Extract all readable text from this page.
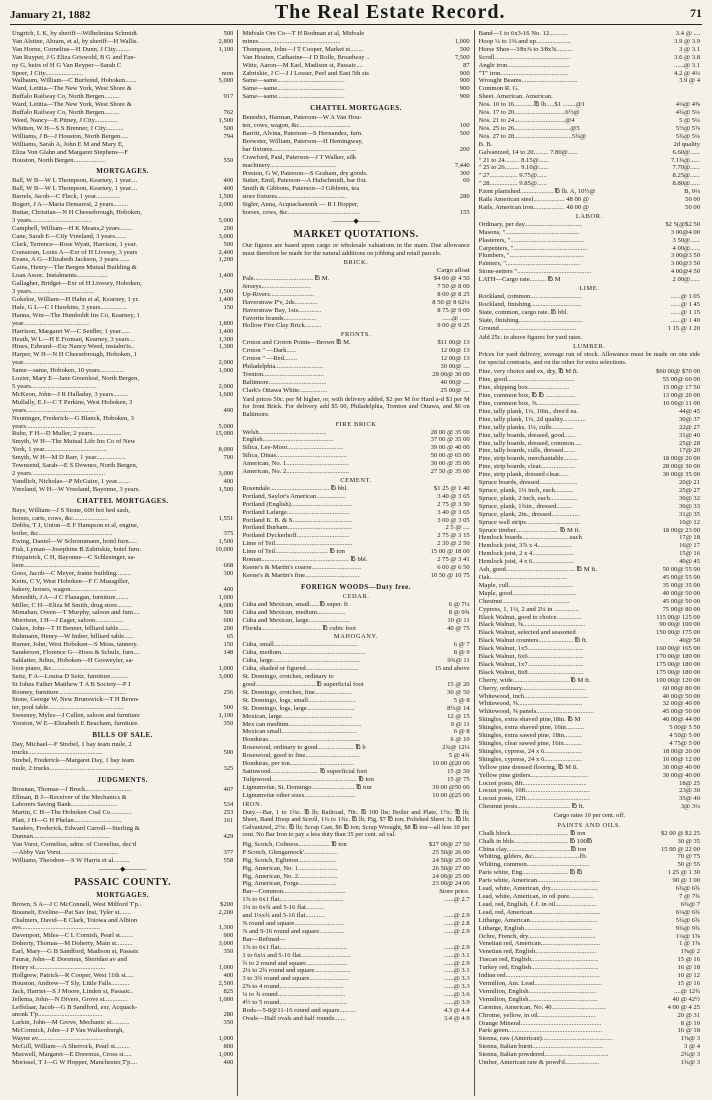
January 21, 1882	The Real Estate Record.	71
Ungrich, L K, by sheriff—Wilhelmina Schmidt.	500
Van Alstine, Abram, et al, by sheriff—H Wallis.	2,800
Van Horne, Cornelius—H Dunn, J City.........	1,100
Van Ruyper, J G Eliza Griswold, B G and Fan-
ny G, heirs of H G Van Reyper—Sarah C
Speer, J City.......................	nom
Walbaum, William—C Burfeind, Hoboken.......	5,000
Ward, Letitia—The New York, West Shore &
Buffalo Railway Co, North Bergen.........	917
Ward, Letitia—The New York, West Shore &
Buffalo Railway Co, North Bergen.........	762
Weed, Nancy—E Pitney, J City..............	1,500
Whitten, W H—S S Brenner, J City...........	500
Williams, J B—J Houston, North Bergen.....	794
Williams, Sarah A, John E M and Mary E,
Eliza Von Glahn and Margaret Stephens—F
Houston, North Bergen...................	550
MORTGAGES.
Ball, W B—W L Thompson, Kearney, 1 year....	400
Ball, W B—W L Thompson, Kearney, 1 year....	400
Barrels, Jacob—C Fleck, 1 year...............	1,500
Bogert, J A—Maria Demarest, 2 years.........	2,000
Buttar, Christian—N H Cheesebrough, Hoboken,
3 years.....................................	5,000
Campbell, William—H K Means,2 years........	200
Cane, Sarah E—City Vreeland, 3 years.......	3,000
Clark, Terrence—Rose Wyatt, Harrison, 1 year.	500
Cranstoun, Louis A—Exr of H Livesey, 3 years	2,400
Evans, A G—Elizabeth Jackson, 3 years.......	1,200
Gains, Henry—The Bergen Mutual Building &
Loan Assoc. Instalments...................	1,400
Gallagher, Bridget—Exr of H Livesey, Hoboken,
3 years......................................	1,500
Gokeloe, William—H Hahn et al, Kearney, 1 yr.	1,400
Hale, G L—C I Hawkins, 3 years................	150
Hanna, Wm—The Humboldt Ins Co, Kearney, 1
year........................................	1,800
Harrison, Margaret W—C Seidler, 1 year......	1,400
Heath, W L—H E Forman, Kearney, 3 years...	1,300
Hines, Edward—Exr Nancy Weed, instalm'ts..	1,300
Harper, W H—N H Cheesebrough, Hoboken, 1
year..........................................	2,000
Same—same, Hoboken, 10 years...............	1,000
Lozier, Mary E—Jane Greenleaf, North Bergen,
5 years........................................	2,000
McKeon, John—J R Halladay, 3 years.........	1,600
Mullally, E J—C T Perkins, West Hoboken, 3
years..........................................	400
Neuninger, Frederick—G Blanck, Hoboken, 3
years..........................................	5,000
Rube, F H—D Muller, 2 years..................	15,000
Smyth, W H—The Mutual Life Ins Co of New
York, 1 year......................................	8,000
Smyth, W H—M D Barr, 1 year..................	700
Townsend, Sarah—E S Downes, North Bergen,
2 years.............................................	3,000
Vandlich, Nicholas—P McGuire, 1 year........	400
Vreeland, W H—W Vreeland, Bayonne, 3 years.	1,500
CHATTEL MORTGAGES.
Bays, William—J S Stone, 600 hot bed sash,
horses, carts, cows, &c.....................	1,551
Dobbs, T J, Union—E F Hampson et al, engine,
boiler, &c.............................................	375
Ewing, Daniel—W Schrommann, hotel furn.....	1,500
Fisk, Lyman—Josephine B Zabriskie, hotel furn.	10,000
Fitzpatrick, C H, Bayonne—C Schlesinger, sa-
loon..............................................	668
Goos, Jacob—C Meyer, frame building.........	300
Keim, C V, West Hoboken—F C Mussgiller,
bakery, horses, wagon............................	400
Meredith, J A—J C Flanagan, furniture........	1,000
Miller, C H—Eliza M Smith, drug store.........	4,000
Monahan, Owen—T Murphy, saloon and furn....	500
Morrison, J H—J Eager, saloon.................	600
Oakes, John—T H Benner, billiard table.......	200
Ruhmann, Henry—W Imber, billiard table......	65
Rumer, John, West Hoboken—S Moss, tannery.	150
Sanderson, Florence G—Hoos & Schulz, furn....	148
Sahlatter, Julius, Hoboken—H Gosweyler, sa-
loon piano, &c..........................................	1,000
Seitz, F A—Louisa D Seitz, furniture...........	3,000
St Johns Father Matthew T A B Society—P J
Rooney, furniture.........................................	256
Stone, George W, New Brunswick—T H Beren-
ter, pool table..............................................	500
Sweeney, Myles—J Cullen, saloon and furniture	1,100
Yorston, W E—Elizabeth E Beacham, furniture.	350
BILLS OF SALE.
Day, Michael—F Strebel, 1 bay team mule, 2
trucks.............................................	500
Strebel, Frederick—Margaret Day, 1 bay team
mule, 2 trucks.............................................	325
JUDGMENTS.
Brosnan, Thomas—J Brock............................	407
Ellman, B J—Receiver of the Mechanics &
Laborers Saving Bank............................	534
Martin, C H—The Hoboken Coal Co.............	253
Platt, J H—G H Phelan.............................	161
Sanders, Frederick, Edward Carroll—Sterling &
Dunnan...............................................	429
Van Vorst, Cornelius, admr. of Cornelius, dec'd
—Abby Van Vorst...................................	377
Williams, Theodore—S W Harris et al..........	558
———◆———
PASSAIC COUNTY.
MORTGAGES.
Brown, S A—J C McConnell, West Milford T'p..	$200
Braunelt, Eveline—Pat Sav Inst, Tyler st.......	2,200
Chalmers, David—E Clark, Totowa and Albion
avs................................................	1,300
Davenport, Miles—C L Cornish, Pearl st........	900
Doherty, Thomas—M Doherty, Main st..........	3,000
Earl, Mary—G B Sandford, Madison st, Passaic	350
Faurar, John—E Doremus, Sheridan av and
Henry st...........................................	1,000
Hollgrew, Patrick—R Cooper, West 11th st.....	400
Houston, Andrew—T Sly, Little Falls...........	2,500
Jack, Harriet—S J Moore, Linden st, Passaic..	825
Jellema, John—N Divers, Grove st..............	1,000
Leffelaar, Jacob—G B Sandford, exr, Acquack-
anonk T'p.......................................	280
Larkin, John—M Grove, Mechanic st...........	350
McCormick, John—J P Van Walkenburgh,
Wayne av........................................	1,000
McGill, William—A Sherrock, Pearl st.........	800
Maxwell, Margaret—E Doremus, Cross st.....	1,000
Morissel, T J—G W Hopper, Manchester,T'p....	400
Midvale Ore Co—T H Rodman et al, Midvale
mines..................................................	1,000
Thompson, John—J T Cooper, Market st........	500
Van Houten, Catharine—J D Rolle, Broadway ..	7,500
Witte, Aaron—M Earl, Madison st, Passaic....	87
Zabriskie, J C—J J Losser, Peel and East 5th sts	900
Same—same.........................................	900
Same—same.........................................	900
Same—same.........................................	900
CHATTEL MORTGAGES.
Benedict, Harman, Paterson—W A Van Hou-
ten, cows, wagon, &c...............................	100
Barritt, Alvina, Paterson—S Hernandez, furn.	500
Brewster, William, Paterson—H Hemingway,
bar fixtures...................................................	200
Crawford, Paul, Paterson—J T Walker, silk
machinery........................................	7,440
Preston, G W, Paterson—S Graham, dry goods.	300
Sutter, Emil, Paterson—A Hafschmidt, bar fixt.	60
Smith & Gibbons, Paterson—J Gibbons, tea
store fixtures..........................................	280
Sigler, Anna, Acquackanonk — R I Hopper,
horses, cows, &c............................................	155
———◆———
MARKET QUOTATIONS.
Our figures are based upon cargo or wholesale valuations in the main. Due allowance must therefore be made for the natural additions on jobbing and retail parcels.
BRICK.
Cargo afloat
Pale.................................... ℔ M.	$4 00 @ 4 50
Jerseys..............................	7 50 @ 8 00
Up-Rivers...........................	8 00 @ 8 25
Haverstraw P'v, 2ds..............	8 50 @ 8 62¼
Haverstraw Bay, 1sts..............	8 75 @ 9 00
Favorite brands....................	......@ ......
Hollow Fire Clay Brick..........	9 00 @ 9 25
FRONTS.
Croton and Croton Points—Brown ℔ M.	$11 00@ 13
Croton " —Dark......	12 00@ 13
Croton " —Red........	12 00@ 13
Philadelphia.............................	30 00@ ....
Trenton.....................................	28 00@ 30 00
Baltimore...................................	40 00@ ....
Clark's Ottawa White.................	25 00@ ....
Yard prices 50c. per M higher, or, with delivery added, $2 per M for Hard a-d $3 per M for front Brick. For delivery add $5 00, Philadelphia, Trenton and Ottawa, and $6 on Baltimore.
FIRE BRICK
Welsh.........................................	28 00 @ 35 00
English...........................................	37 00 @ 35 00
Silica, Lee-Moor..................................	39 00 @ 40 00
Silica, Dinas...........................................	50 00 @ 65 00
American, No. 1......................................	30 00 @ 35 00
American, No. 2......................................	27 50 @ 35 00
CEMENT.
Rosendale.................................... ℔ bbl.	$1 25 @ 1 40
Portland, Saylor's American..................	3 40 @ 3 65
Portland (English).....................................	2 75 @ 3 50
Portland Lafarge......................................	3 40 @ 3 65
Portland K. B. & S....................................	3 00 @ 3 05
Portland Burham.......................................	2 5 @ ....
Portland Dyckerhoff................................	2 75 @ 3 15
Lime of Teil...............................................	2 30 @ 2 50
Lime of Teil................................ ℔ ton	15 00 @ 18 00
Roman..................................................... ℔ bbl.	2 75 @ 3 41
Keene's & Martin's coarse..............................	6 00 @ 6 50
Keene's & Martin's fine.................................	10 50 @ 10 75
FOREIGN WOODS—Duty free.
CEDAR.
Cuba and Mexican, small......℔ super. ft	6 @ 7¼
Cuba and Mexican, medium.................	8 @ 9¾
Cuba and Mexican, large.........................	10 @ 11
Florida.................................... ℔ cubic foot	40 @ 75
MAHOGANY.
Cuba, small...................................................	6 @ 7
Cuba, medium...................................................	8 @ 9
Cuba, large.....................................................	9¾@ 11
Cuba, shaded or figured................................	15 and above
St. Domingo, crotches, ordinary to
good.....................................℔ superficial foot	15 @ 20
St. Domingo, crotches, fine.......................	30 @ 50
St. Domingo, logs, small.............................	5 @ 8
St. Domingo, logs, large.............................	8½@ 14
Mexican, large...........................................	12 @ 15
Mex can medium............................................	9 @ 11
Mexican small..............................................	6 @ 8
Honduras........................................................	6 @ 10
Rosewood, ordinary to good...................... ℔ b	2¾@ 12¼
Rosewood, good to fine.................................	5 @ 4¾
Honduras, per ton.......................................	10 00 @20 00
Satinwood............................. ℔ superficial foot	15 @ 50
Tulipwood.................................................... ℔ ton	15 @ 75
Lignumvitæ, St. Domingo.......................... ℔ ton	30 00 @50 00
Lignumvitæ other sizes...............................	10 00 @25 00
IRON.
Duty.—Bar, 1 to 1¾c. ℔ lb; Railroad, 70c. ℔ 100 lbs; Boiler and Plate, 1½c. ℔ lb; Sheet, Band Hoop and Scroll, 1¼ to 1¾c. ℔ lb; Pig, $7 ℔ ton; Polished Sheet 3c. ℔ lb; Galvanized, 2½c. ℔ lb; Scrap Cast, $6 ℔ ton; Scrap Wrought, $8 ℔ ton—all less 10 per cent. No Bar Iron to pay a less duty than 35 per cent. ad val.
Pig, Scotch, Coltness................... ℔ ton	$27 00@ 27 50
P Scotch, Glengarnock'....................	25 50@ 26 00
Pig, Scotch, Eglinton.......................	24 50@ 25 00
Pig, American, No. 1........................	26 50@ 27 00
Pig, American, No. 2........................	24 00@ 25 00
Pig, American, Forge.......................	23 00@ 24 00
Bar—Common......................................	Store price.
1⅞ to 6x1 flat.......................................	......@ 2.7
1¼ to 6x¾ and 5-16 flat...........
and 1¼x¾ and 5-16 flat............	......@ 2.9
⅝ round and square..............................	......@ 2.8
⅞ and 9-16 round and square...............	......@ 2.9
Bar—Refined—
1⅞ to 6x1 flat.........................................	......@ 2.9
1 to 6x¼ and 5-16 flat..............................	......@ 3.1
¾ to 2 round and square.........................	......@ 2.9
2¼ to 2¾ round and square......................	......@ 3.1
3 to 3¾ round and square........................	......@ 3.3
2⅝ to 4 round.......................................	......@ 3.3
¼ to ¾ round.........................................	......@ 3.6
4½ to 5 round.........................................	......@ 3.9
Rods—5-8@11-16 round and square..........	4.3 @ 4.4
Ovals—Half ovals and half rounds.......	3.4 @ 4.9
Band—1 to 6x3-16 No. 12...........	3.4 @ ....
Hoop ¼ to 1⅜ and up.....................	3.9 @ 3.9
Horse Shoe—3⁄8x⅜ to 3⁄8x⅝..........	3 @ 3.1
Scroll..............................................	3.6 @ 3.8
Angle iron......................................	......@ 3.1
"T" iron.........................................	4.2 @ 4¼
Wrought Beams..................................	3.9 @ 4
Common R. G.
Sheet. American. American.
Nos. 10 to 16............℔ lb.....$1 ........@1	4¼@ 4⅝
Nos. 17 to 20...............................6½@	4¾@ 5¼
Nos. 21 to 24...............................@4	5 @ 5¼
Nos. 25 to 26..................................@5	5½@ 5⅞
Nos. 27 to 28...................................5¾@	5¾@ 5¼
B. B.	2d quality
Galvanized, 14 to 20......... 7.80@......	6.60@......
" 21 to 24......... 8.15@......	7.1¾@......
" 25 to 26......... 9.10@......	7.70@......
" 27................. 9.75@......	8.25@......
" 28................. 9.85@......	8.80@......
P.tent planished.................... ℔ lb. A, 10½@	B, 9¼
Rails American steel................... 48 00 @	50 00
Rails, American iron................... 48 00 @	50 00
LABOR.
Ordinary, per day...................................	$2 5(@$2 50
Masons, ".............................................	3 00@4 00
Plasterers, ".............................................	3 50@......
Carpenters, ".............................................	4 00@......
Plumbers, ".............................................	3 00@3 50
Painters, ".............................................	3 00@3 50
Stone-setters ".............................................	4 00@4 50
LATH—Cargo rate.......... ℔ M	2 00@......
LIME.
Rockland, common...............................	......@ 1 05
Rockland, finishing...............................	......@ 1 45
State, common, cargo rate..℔ bbl.	......@ 1 15
State, finishing.......................................	......@ 1 40
Ground...............................................	1 15 @ 1 20
Add 25c. to above figures for yard rates.
LUMBER.
Prices for yard delivery, average run of stock. Allowance must be made on one side for special contracts, and on the other for extra selections.
Pine, very choice and ex, dry, ℔ M ft.	$60 00@ $70 00
Pine, good.........................................	55 00@ 60 00
Pine, shipping box.........................	15 00@ 17 50
Pine, common box, ℔ ℔ ..................	13 00@ 20 00
Pine, common box, ⅝..........................	10 00@ 11 00
Pine, tally plank, 1¼, 10in., dres'd ea.	44@ 45
Pine, tally plank, 1¼, 2d quality..............	30@ 37
Pine, tally planks, 1¼, culls.............	22@ 27
Pine, tally boards, dressed, good.......	31@ 40
Pine, tally boards, dressed, common.....	25@ 28
Pine, tally boards, culls, dressed.......	17@ 20
Pine, strip boards, merchantable.........	18 00@ 20 00
Pine, strip boards, clear.....................	28 00@ 30 00
Pine, strip plank, dressed clear......	30 00@ 35 00
Spruce boards, dressed.......................	20@ 21
Spruce, plank, 1¼ inch, each...........	25@ 27
Spruce, plank, 2 inch, each.................	30@ 32
Spruce, plank, 1¾in., dressed..........	30@ 33
Spruce, plank, 2in., dressed.................	31@ 35
Spruce wall strips.................................	10@ 12
Spruce timber.......................... ℔ M ft.	18 00@ 23 00
Hemlock boards.............................each	17@ 18
Hemlock joist, 3⅞ x 4.....................	16@ 17
Hemlock joist, 2 x 4.........................	15@ 16
Hemlock joist, 4 x 6.........................	40@ 45
Ash, good.......................................... ℔ M ft.	50 00@ 55 00
Oak...............................................	45 00@ 55 00
Maple, cull.......................................	35 00@ 35 00
Maple, good.......................................	40 00@ 50 00
Chestnut.........................................	45 00@ 50 00
Cypress, 1, 1¼, 2 and 2¼ in ...............	75 00@ 80 00
Black Walnut, good to choice...............	115 00@ 125 00
Black Walnut, ⅝......................................	90 00@ 100 00
Black Walnut, selected and seasoned	150 00@ 175 00
Black Walnut counters..................... ℔ ft.	40@ 50
Black Walnut, 1x5..................................	160 00@ 165 00
Black Walnut, 6x6..................................	170 00@ 180 00
Black Walnut, 1x7..................................	175 00@ 180 00
Black Walnut, 8x8..................................	175 00@ 180 00
Cherry, wide.................................. ℔ M ft.	100 00@ 120 00
Cherry, ordinary.......................................	60 00@ 80 00
Whitewood, inch.......................................	40 00@ 50 00
Whitewood, ⅝.......................................	32 00@ 40 00
Whitewood, ⅝ panels...................................	45 00@ 50 00
Shingles, extra shaved pine,18in. ℔ M	40 00@ 44 00
Shingles, extra shaved pine, 16in...........	5 00@ 5 50
Shingles, extra sawed pine, 18in...........	4 50@ 5 00
Shingles, clear sawed pine, 16in...........	4 75@ 5 00
Shingles, cypress, 24 x 6.......................	18 00@ 20 00
Shingles, cypress, 24 x 6.......................	10 00@ 12 00
Yellow pine dressed flooring, ℔ M ft.	30 00@ 40 00
Yellow pine girders...................................	30 00@ 40 00
Locust posts, 8ft.......................................	18@ 25
Locust posts, 10ft.......................................	23@ 30
Locust posts, 12ft.......................................	35@ 40
Chestnut posts................................ ℔ ft.	3@ 3¼
Cargo rates 10 per cent. off.
PAINTS AND OILS.
Chalk block................................... ℔ ton	$2 00 @ $2 25
Chalk in bbls................................. ℔ 100℔	30 @ 35
China clay.......................................℔ ton	15 00 @ 22 00
Whiting, gilders, &c............................ℓb.	70 @ 75
Whiting, common......................................	50 @ 55
Paris white, Eng............................ ℔ ℔	1 25 @ 1 30
Paris white, American......................................	90 @ 1 00
Lead, white, American, dry.............................	6¾@ 6¾
Lead, white, American, in oil pure...............	7 @ 7¾
Lead, red, English, ℓ.ℓ. in oil.........................	6¾@ 7
Lead, red, American.........................................	6¼@ 6¾
Litharge, American.........................................	5¾@ 6¾
Litharge, English.........................................	9¾@ 9¾
Ochre, French, dry.........................................	1¼@ 1⅝
Venetian red, American....................................	1 @ 1⅝
Venetian red, English.....................................	1⅝@ 2
Tuscan red, English.........................................	15 @ 16
Turkey red, English.........................................	16 @ 18
Indian red.........................................................	10 @ 12
Vermilion, Am. Lead.........................................	15 @ 16
Vermilion, English.........................................	....@ 12¾
Vermilion, English..........................................	40 @ 42½
Carmine, American, No. 40.................................	4 00 @ 4 25
Chrome, yellow, in oil...................................	20 @ 31
Orange Mineral.................................................	8 @ 10
Paris green.........................................................	16 @ 18
Sienna, raw (American)...........................................	1⅝@ 3
Sienna, Italian burnt...........................................	3 @ 4
Sienna, Italian powdered.......................................	2¾@ 3
Umber, American raw & powd'd.....................	1¾@ 3
